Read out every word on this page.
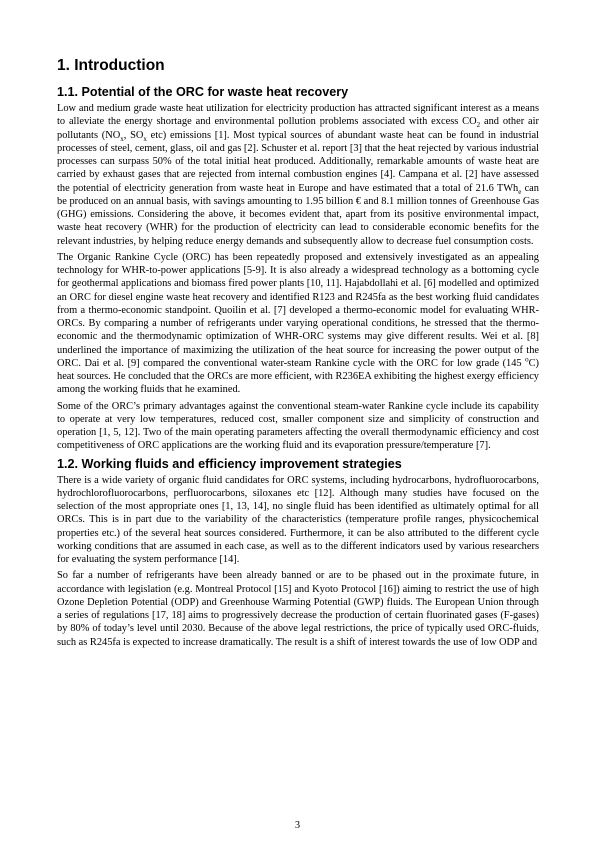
1. Introduction
1.1. Potential of the ORC for waste heat recovery

Low and medium grade waste heat utilization for electricity production has attracted significant interest as a means to alleviate the energy shortage and environmental pollution problems associated with excess $CO_2$ and other air pollutants ($NO_x$, $SO_x$ etc) emissions [1]. Most typical sources of abundant waste heat can be found in industrial processes of steel, cement, glass, oil and gas [2]. Schuster et al. report [3] that the heat rejected by various industrial processes can surpass 50% of the total initial heat produced. Additionally, remarkable amounts of waste heat are carried by exhaust gases that are rejected from internal combustion engines [4]. Campana et al. [2] have assessed the potential of electricity generation from waste heat in Europe and have estimated that a total of 21.6 TWh$_e$ can be produced on an annual basis, with savings amounting to 1.95 billion € and 8.1 million tonnes of Greenhouse Gas (GHG) emissions. Considering the above, it becomes evident that, apart from its positive environmental impact, waste heat recovery (WHR) for the production of electricity can lead to considerable economic benefits for the relevant industries, by helping reduce energy demands and subsequently allow to decrease fuel consumption costs.

The Organic Rankine Cycle (ORC) has been repeatedly proposed and extensively investigated as an appealing technology for WHR-to-power applications [5-9]. It is also already a widespread technology as a bottoming cycle for geothermal applications and biomass fired power plants [10, 11]. Hajabdollahi et al. [6] modelled and optimized an ORC for diesel engine waste heat recovery and identified R123 and R245fa as the best working fluid candidates from a thermo-economic standpoint. Quoilin et al. [7] developed a thermo-economic model for evaluating WHR-ORCs. By comparing a number of refrigerants under varying operational conditions, he stressed that the thermo-economic and the thermodynamic optimization of WHR-ORC systems may give different results. Wei et al. [8] underlined the importance of maximizing the utilization of the heat source for increasing the power output of the ORC. Dai et al. [9] compared the conventional water-steam Rankine cycle with the ORC for low grade (145 $^o$C) heat sources. He concluded that the ORCs are more efficient, with R236EA exhibiting the highest exergy efficiency among the working fluids that he examined.

Some of the ORC’s primary advantages against the conventional steam-water Rankine cycle include its capability to operate at very low temperatures, reduced cost, smaller component size and simplicity of construction and operation [1, 5, 12]. Two of the main operating parameters affecting the overall thermodynamic efficiency and cost competitiveness of ORC applications are the working fluid and its evaporation pressure/temperature [7].

1.2. Working fluids and efficiency improvement strategies

There is a wide variety of organic fluid candidates for ORC systems, including hydrocarbons, hydrofluorocarbons, hydrochlorofluorocarbons, perfluorocarbons, siloxanes etc [12]. Although many studies have focused on the selection of the most appropriate ones [1, 13, 14], no single fluid has been identified as ultimately optimal for all ORCs. This is in part due to the variability of the characteristics (temperature profile ranges, physicochemical properties etc.) of the several heat sources considered. Furthermore, it can be also attributed to the different cycle working conditions that are assumed in each case, as well as to the different indicators used by various researchers for evaluating the system performance [14].

So far a number of refrigerants have been already banned or are to be phased out in the proximate future, in accordance with legislation (e.g. Montreal Protocol [15] and Kyoto Protocol [16]) aiming to restrict the use of high Ozone Depletion Potential (ODP) and Greenhouse Warming Potential (GWP) fluids. The European Union through a series of regulations [17, 18] aims to progressively decrease the production of certain fluorinated gases (F-gases) by 80% of today’s level until 2030. Because of the above legal restrictions, the price of typically used ORC-fluids, such as R245fa is expected to increase dramatically. The result is a shift of interest towards the use of low ODP and

3
